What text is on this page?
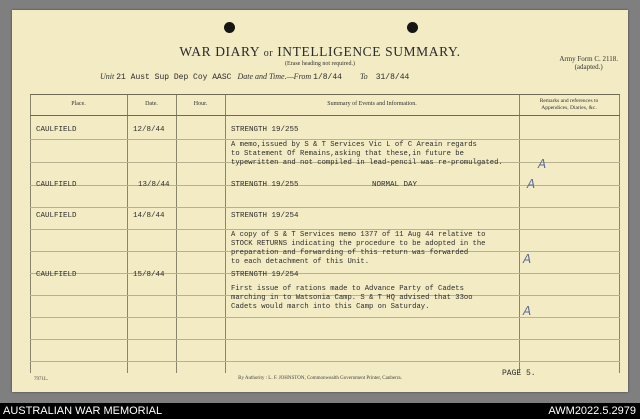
WAR DIARY or INTELLIGENCE SUMMARY.
(Erase heading not required.)
Army Form C. 2118.
(adapted.)
Unit 21 Aust Sup Dep Coy AASC Date and Time.—From 1/8/44 To 31/8/44
Place.	Date.	Hour.	Summary of Events and Information.	Remarks and references to
Appendices, Diaries, &c.
CAULFIELD	12/8/44	STRENGTH 19/255
A memo,issued by S & T Services Vic L of C Areain regards
to Statement Of Remains,asking that these,in future be
typewritten and not compiled in lead-pencil was re-promulgated.	A
CAULFIELD	13/8/44	STRENGTH 19/255	NORMAL DAY	A
CAULFIELD	14/8/44	STRENGTH 19/254
A copy of S & T Services memo 1377 of 11 Aug 44 relative to
STOCK RETURNS indicating the procedure to be adopted in the
preparation and forwarding of this return was forwarded
to each detachment of this Unit.	A
CAULFIELD	15/8/44	STRENGTH 19/254
First issue of rations made to Advance Party of Cadets
marching in to Watsonia Camp. S & T HQ advised that 33oo
Cadets would march into this Camp on Saturday.	A
7971L.	By Authority : L. F. JOHNSTON, Commonwealth Government Printer, Canberra.
PAGE 5.
AUSTRALIAN WAR MEMORIAL	AWM2022.5.2979
